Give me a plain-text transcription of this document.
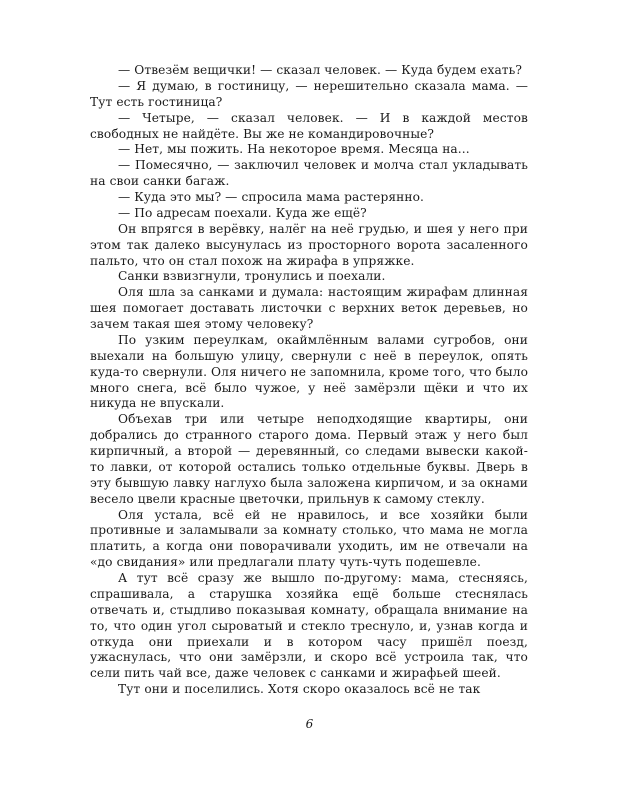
— Отвезём вещички! — сказал человек. — Куда будем ехать?

— Я думаю, в гостиницу, — нерешительно сказала мама. — Тут есть гостиница?

— Четыре, — сказал человек. — И в каждой местов свободных не найдёте. Вы же не командировочные?

— Нет, мы пожить. На некоторое время. Месяца на...

— Помесячно, — заключил человек и молча стал укладывать на свои санки багаж.

— Куда это мы? — спросила мама растерянно.

— По адресам поехали. Куда же ещё?

Он впрягся в верёвку, налёг на неё грудью, и шея у него при этом так далеко высунулась из просторного ворота засаленного пальто, что он стал похож на жирафа в упряжке.

Санки взвизгнули, тронулись и поехали.

Оля шла за санками и думала: настоящим жирафам длинная шея помогает доставать листочки с верхних веток деревьев, но зачем такая шея этому человеку?

По узким переулкам, окаймлённым валами сугробов, они выехали на большую улицу, свернули с неё в переулок, опять куда-то свернули. Оля ничего не запомнила, кроме того, что было много снега, всё было чужое, у неё замёрзли щёки и что их никуда не впускали.

Объехав три или четыре неподходящие квартиры, они добрались до странного старого дома. Первый этаж у него был кирпичный, а второй — деревянный, со следами вывески какой-то лавки, от которой остались только отдельные буквы. Дверь в эту бывшую лавку наглухо была заложена кирпичом, и за окнами весело цвели красные цветочки, прильнув к самому стеклу.

Оля устала, всё ей не нравилось, и все хозяйки были противные и заламывали за комнату столько, что мама не могла платить, а когда они поворачивали уходить, им не отвечали на «до свидания» или предлагали плату чуть-чуть подешевле.

А тут всё сразу же вышло по-другому: мама, стесняясь, спрашивала, а старушка хозяйка ещё больше стеснялась отвечать и, стыдливо показывая комнату, обращала внимание на то, что один угол сыроватый и стекло треснуло, и, узнав когда и откуда они приехали и в котором часу пришёл поезд, ужаснулась, что они замёрзли, и скоро всё устроила так, что сели пить чай все, даже человек с санками и жирафьей шеей.

Тут они и поселились. Хотя скоро оказалось всё не так

6
